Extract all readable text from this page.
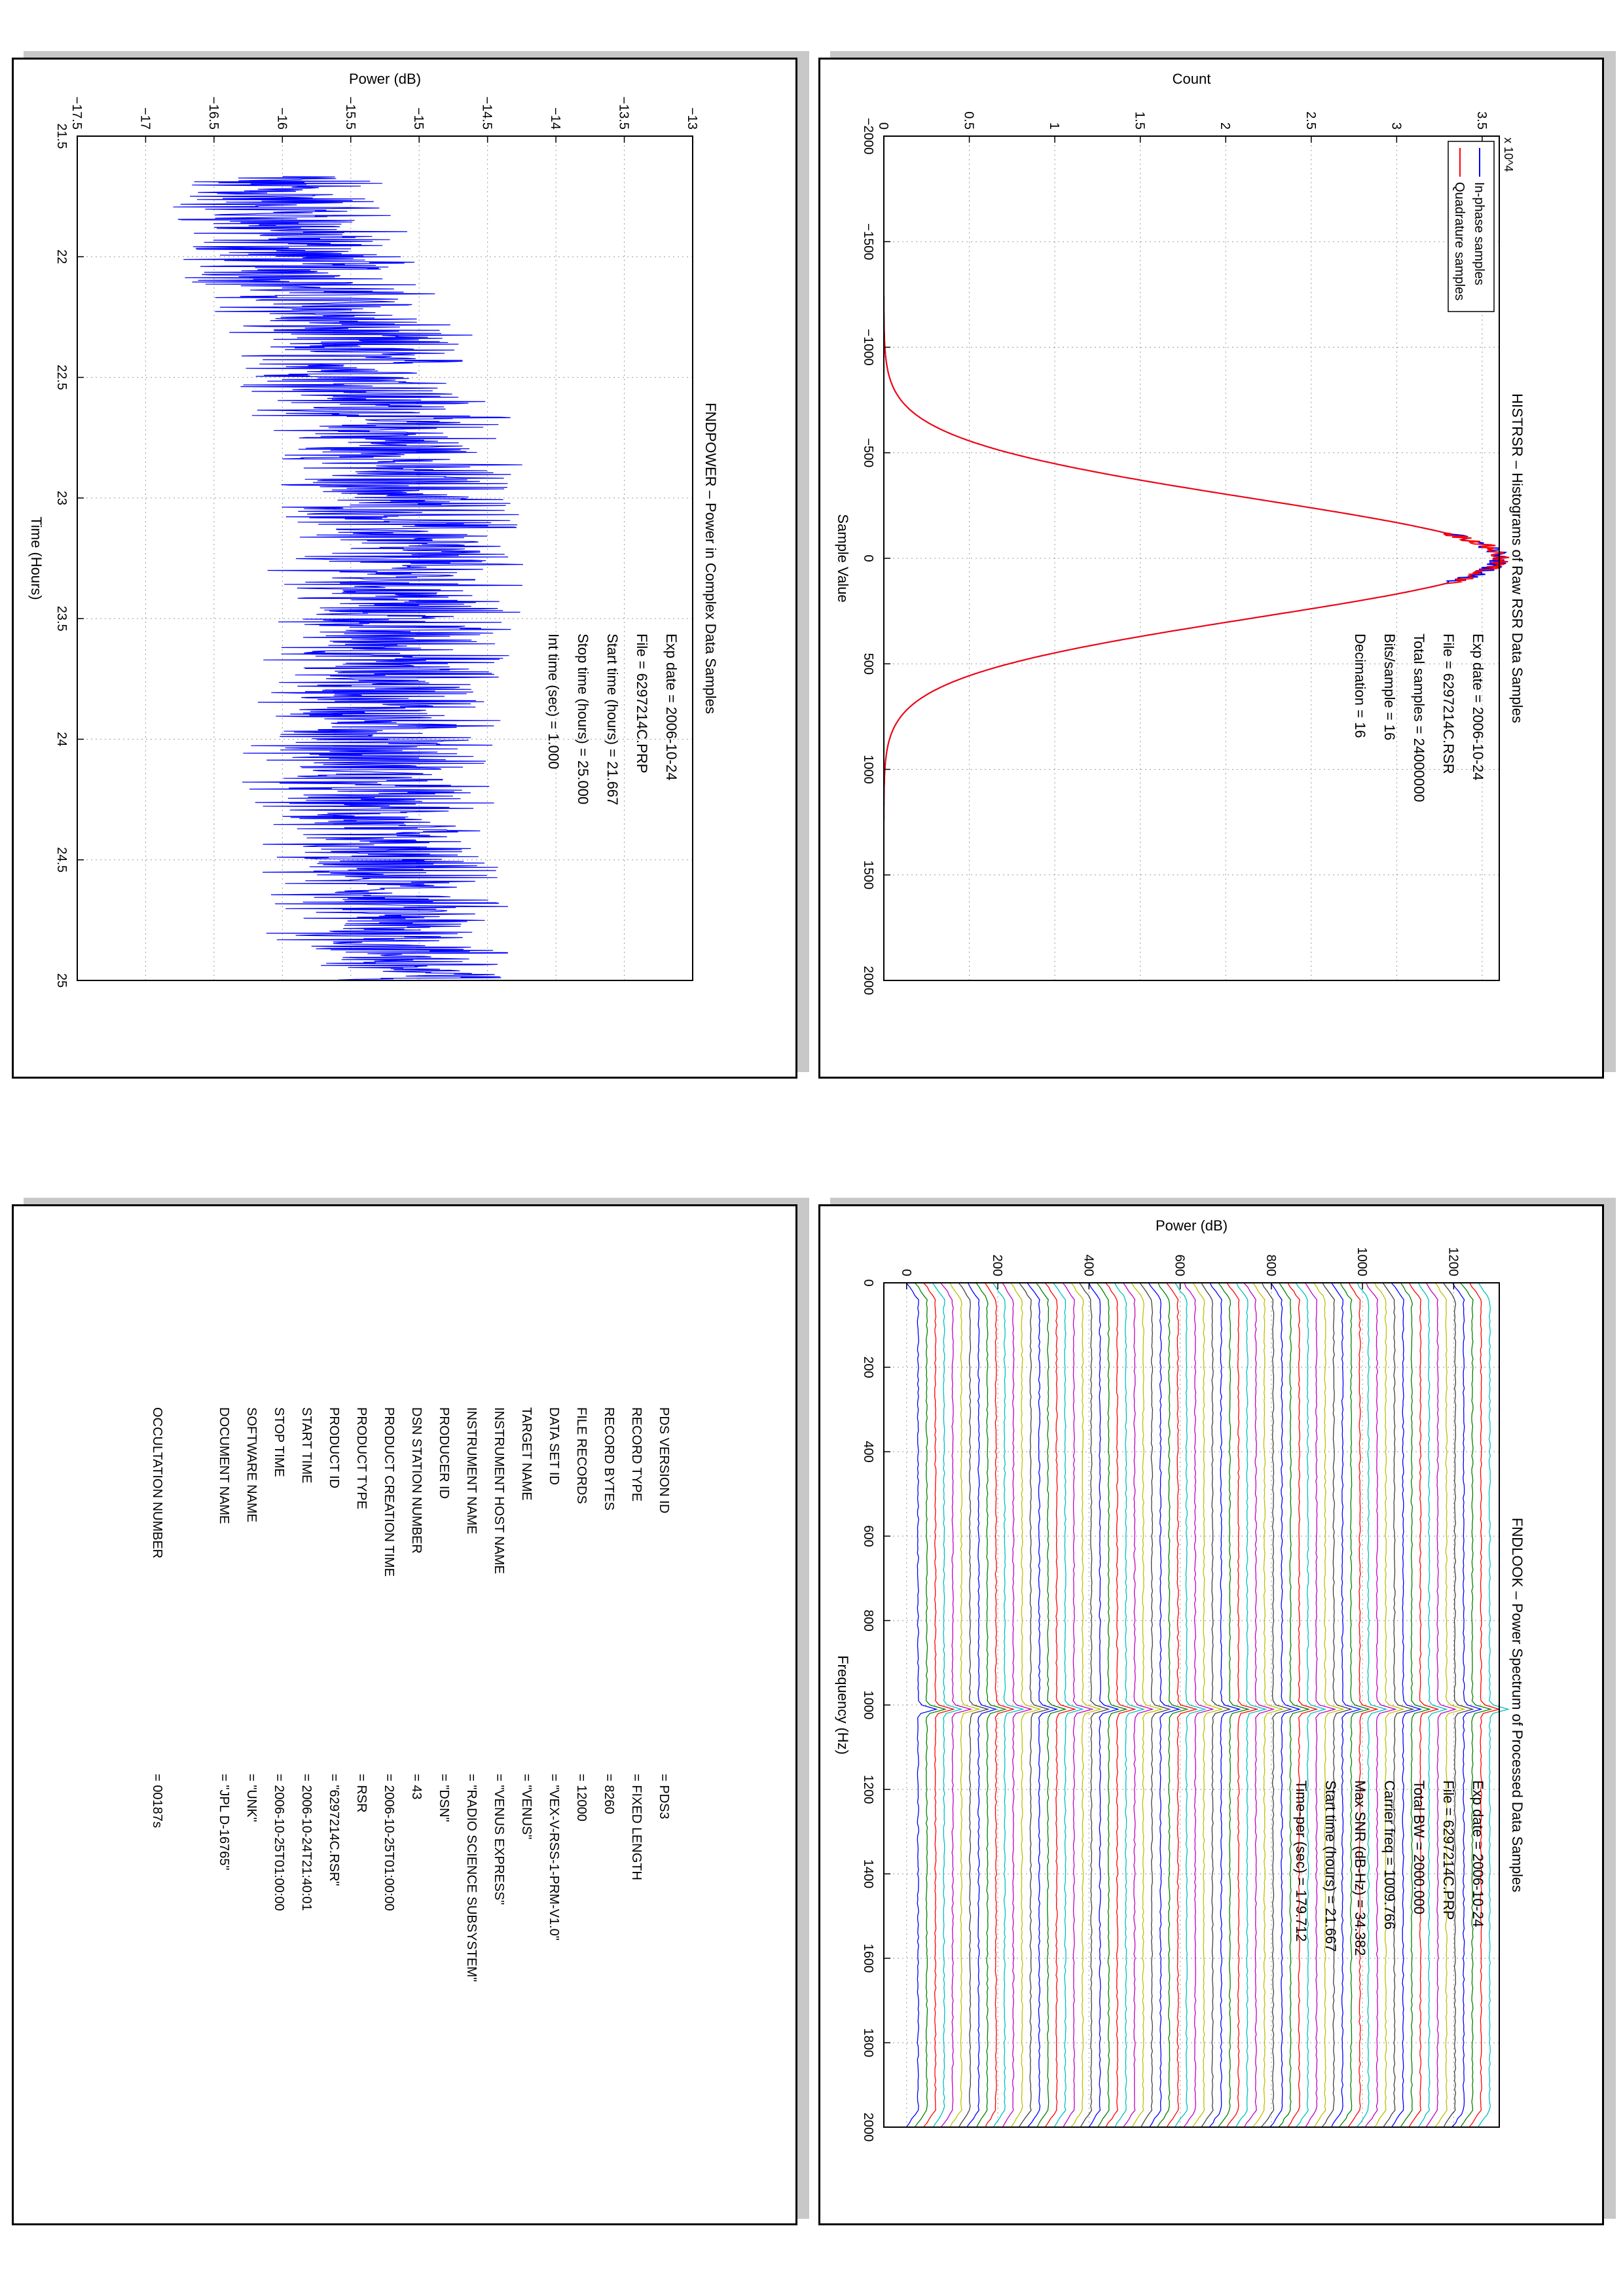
21.5
22
22.5
23
23.5
24
24.5
25
−17.5	−17	−16.5	−16	−15.5	−15	−14.5	−14	−13.5	−13
FNDPOWER – Power in Complex Data Samples
Time (Hours)
Power (dB)
Exp date = 2006-10-24
File = 6297214C.PRP
Start time (hours) = 21.667
Stop time (hours) = 25.000
Int time (sec) = 1.000
−2000
−1500
−1000
−500
0
500
1000
1500
2000
0	0.5	1	1.5	2	2.5	3	3.5
HISTRSR – Histograms of Raw RSR Data Samples
Sample Value
Count
x 10^4
In-phase samples
Quadrature samples
Exp date = 2006-10-24
File = 6297214C.RSR
Total samples = 24000000
Bits/sample = 16
Decimation = 16
PDS VERSION ID
= PDS3
RECORD TYPE
= FIXED LENGTH
RECORD BYTES
= 8260
FILE RECORDS
= 12000
DATA SET ID
= "VEX-V-RSS-1-PRM-V1.0"
TARGET NAME
= "VENUS"
INSTRUMENT HOST NAME
= "VENUS EXPRESS"
INSTRUMENT NAME
= "RADIO SCIENCE SUBSYSTEM"
PRODUCER ID
= "DSN"
DSN STATION NUMBER
= 43
PRODUCT CREATION TIME
= 2006-10-25T01:00:00
PRODUCT TYPE
= RSR
PRODUCT ID
= "6297214C.RSR"
START TIME
= 2006-10-24T21:40:01
STOP TIME
= 2006-10-25T01:00:00
SOFTWARE NAME
= "UNK"
DOCUMENT NAME
= "JPL D-16765"
OCCULTATION NUMBER
= 00187s
0
200
400
600
800
1000
1200
1400
1600
1800
2000
0	200	400	600	800	1000	1200
FNDLOOK – Power Spectrum of Processed Data Samples
Frequency (Hz)
Power (dB)
Exp date = 2006-10-24
File = 6297214C.PRP
Total BW = 2000.000
Carrier freq = 1009.766
Max SNR (dB-Hz) = 34.382
Start time (hours) = 21.667
Time-per (sec) = 179.712
